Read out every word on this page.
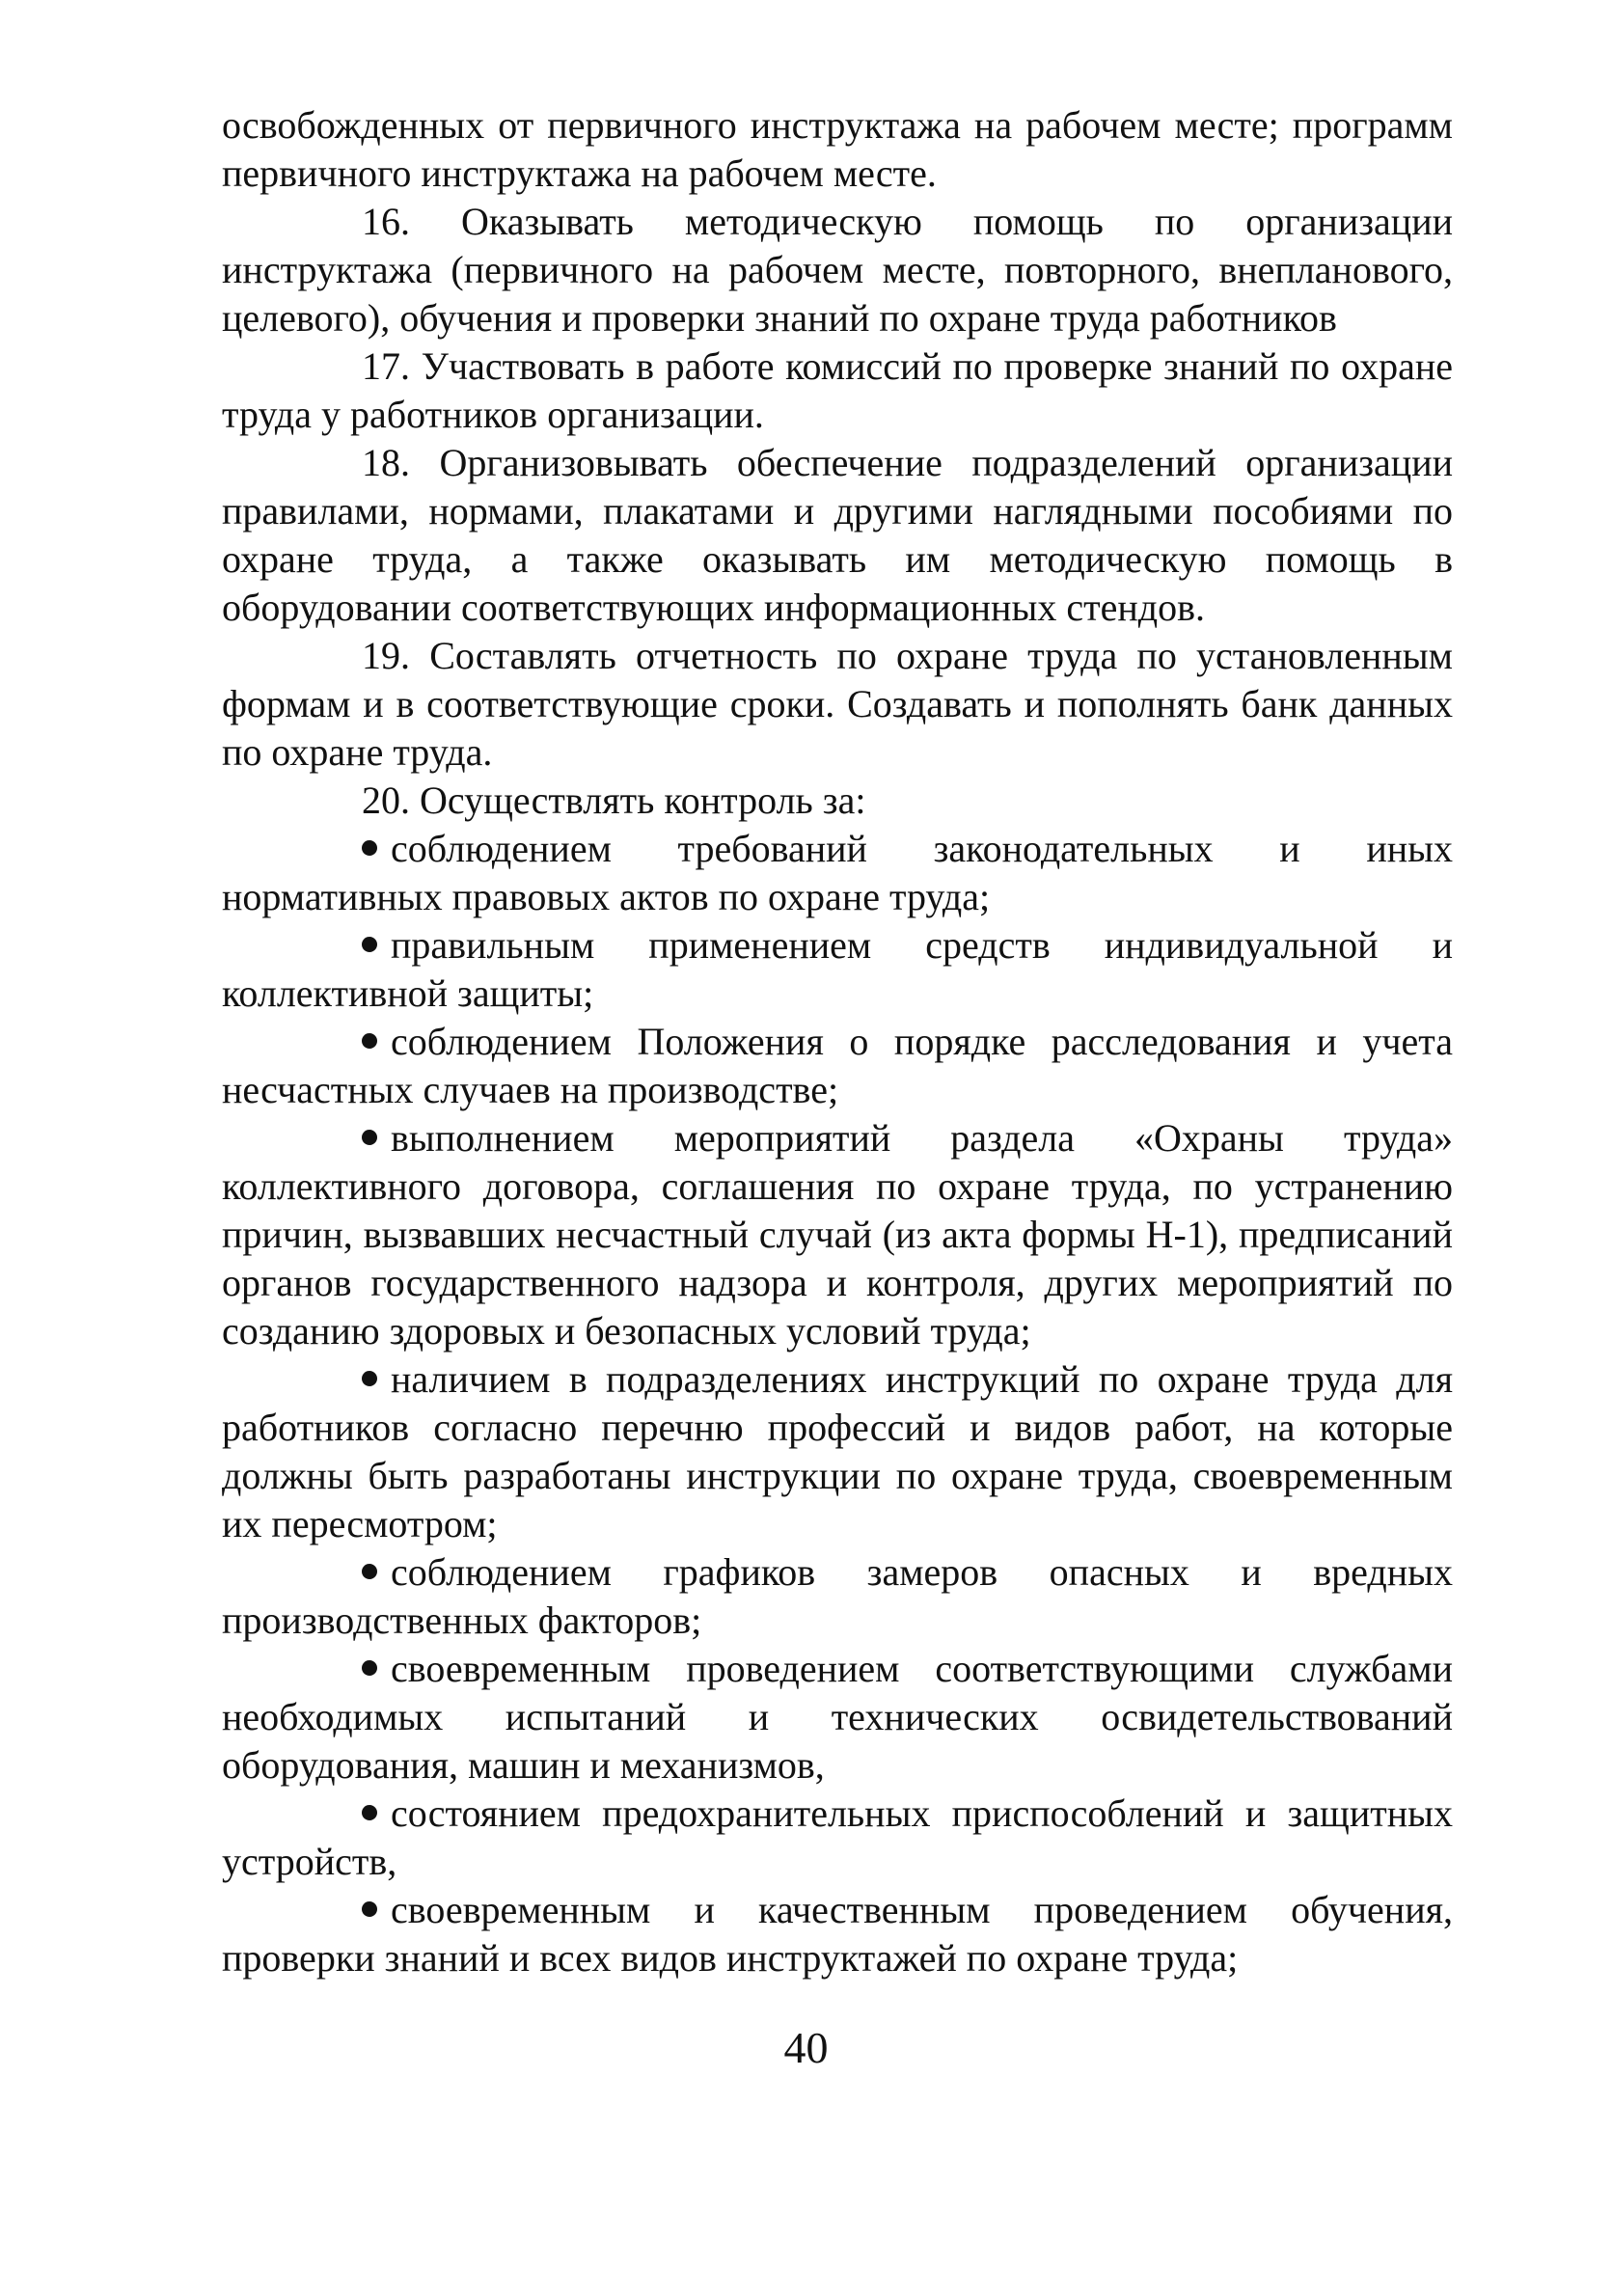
освобожденных от первичного инструктажа на рабочем месте; программ первичного инструктажа на рабочем месте.

16. Оказывать методическую помощь по организации инструктажа (первичного на рабочем месте, повторного, внепланового, целевого), обучения и проверки знаний по охране труда работников

17. Участвовать в работе комиссий по проверке знаний по охране труда у работников организации.

18. Организовывать обеспечение подразделений организации правилами, нормами, плакатами и другими наглядными пособиями по охране труда, а также оказывать им методическую помощь в оборудовании соответствующих информационных стендов.

19. Составлять отчетность по охране труда по установленным формам и в соответствующие сроки. Создавать и пополнять банк данных по охране труда.

20. Осуществлять контроль за:

соблюдением требований законодательных и иных нормативных правовых актов по охране труда;

правильным применением средств индивидуальной и коллективной защиты;

соблюдением Положения о порядке расследования и учета несчастных случаев на производстве;

выполнением мероприятий раздела «Охраны труда» коллективного договора, соглашения по охране труда, по устранению причин, вызвавших несчастный случай (из акта формы Н-1), предписаний органов государственного надзора и контроля, других мероприятий по созданию здоровых и безопасных условий труда;

наличием в подразделениях инструкций по охране труда для работников согласно перечню профессий и видов работ, на которые должны быть разработаны инструкции по охране труда, своевременным их пересмотром;

соблюдением графиков замеров опасных и вредных производственных факторов;

своевременным проведением соответствующими службами необходимых испытаний и технических освидетельствований оборудования, машин и механизмов,

состоянием предохранительных приспособлений и защитных устройств,

своевременным и качественным проведением обучения, проверки знаний и всех видов инструктажей по охране труда;

40
